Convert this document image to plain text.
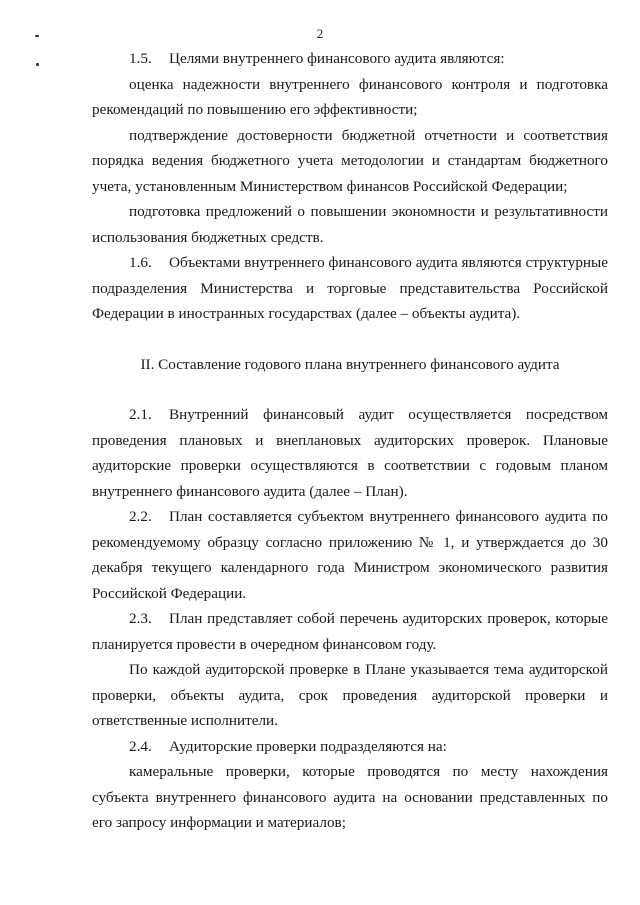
2

1.5. Целями внутреннего финансового аудита являются:

оценка надежности внутреннего финансового контроля и подготовка рекомендаций по повышению его эффективности;

подтверждение достоверности бюджетной отчетности и соответствия порядка ведения бюджетного учета методологии и стандартам бюджетного учета, установленным Министерством финансов Российской Федерации;

подготовка предложений о повышении экономности и результативности использования бюджетных средств.

1.6. Объектами внутреннего финансового аудита являются структурные подразделения Министерства и торговые представительства Российской Федерации в иностранных государствах (далее – объекты аудита).

II. Составление годового плана внутреннего финансового аудита

2.1. Внутренний финансовый аудит осуществляется посредством проведения плановых и внеплановых аудиторских проверок. Плановые аудиторские проверки осуществляются в соответствии с годовым планом внутреннего финансового аудита (далее – План).

2.2. План составляется субъектом внутреннего финансового аудита по рекомендуемому образцу согласно приложению № 1, и утверждается до 30 декабря текущего календарного года Министром экономического развития Российской Федерации.

2.3. План представляет собой перечень аудиторских проверок, которые планируется провести в очередном финансовом году.

По каждой аудиторской проверке в Плане указывается тема аудиторской проверки, объекты аудита, срок проведения аудиторской проверки и ответственные исполнители.

2.4. Аудиторские проверки подразделяются на:

камеральные проверки, которые проводятся по месту нахождения субъекта внутреннего финансового аудита на основании представленных по его запросу информации и материалов;
